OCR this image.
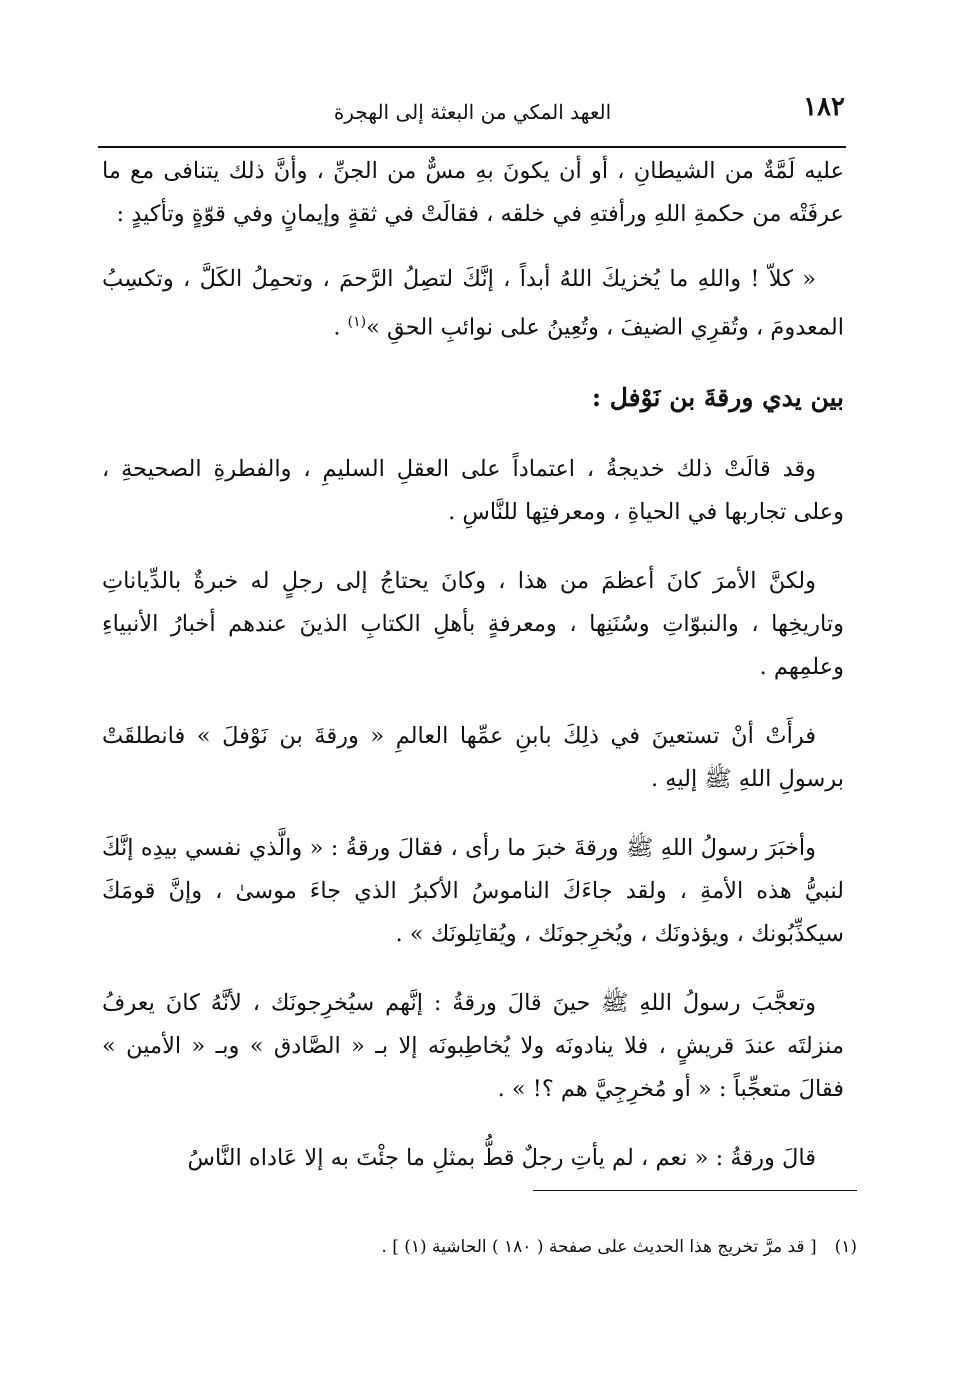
١٨٢
العهد المكي من البعثة إلى الهجرة

عليه لَمَّةٌ من الشيطانِ ، أو أن يكونَ بهِ مسٌّ من الجنِّ ، وأنَّ ذلك يتنافى مع ما عرفَتْه من حكمةِ اللهِ ورأفتهِ في خلقه ، فقالَتْ في ثقةٍ وإيمانٍ وفي قوّةٍ وتأكيدٍ :

« كلاّ ! واللهِ ما يُخزيكَ اللهُ أبداً ، إنَّكَ لتصِلُ الرَّحمَ ، وتحمِلُ الكَلَّ ، وتكسِبُ المعدومَ ، وتُقرِي الضيفَ ، وتُعِينُ على نوائبِ الحقِ »$^{(١)}$ .

بين يدي ورقةَ بن نَوْفل :

وقد قالَتْ ذلك خديجةُ ، اعتماداً على العقلِ السليمِ ، والفطرةِ الصحيحةِ ، وعلى تجاربها في الحياةِ ، ومعرفتِها للنَّاسِ .

ولكنَّ الأمرَ كانَ أعظمَ من هذا ، وكانَ يحتاجُ إلى رجلٍ له خبرةٌ بالدِّياناتِ وتاريخِها ، والنبوّاتِ وسُنَنِها ، ومعرفةٍ بأهلِ الكتابِ الذينَ عندهم أخبارُ الأنبياءِ وعلمِهم .

فرأَتْ أنْ تستعينَ في ذلِكَ بابنِ عمِّها العالمِ « ورقةَ بن نَوْفلَ » فانطلقَتْ برسولِ اللهِ ﷺ إليهِ .

وأخبَرَ رسولُ اللهِ ﷺ ورقةَ خبرَ ما رأى ، فقالَ ورقةُ : « والَّذي نفسي بيدِه إنَّكَ لنبيُّ هذه الأمةِ ، ولقد جاءَكَ الناموسُ الأكبرُ الذي جاءَ موسىٰ ، وإنَّ قومَكَ سيكذِّبُونك ، ويؤذونَك ، ويُخرِجونَك ، ويُقاتِلونَك » .

وتعجَّبَ رسولُ اللهِ ﷺ حينَ قالَ ورقةُ : إنَّهم سيُخرِجونَك ، لأنَّهُ كانَ يعرفُ منزلتَه عندَ قريشٍ ، فلا ينادونَه ولا يُخاطِبونَه إلا بـ « الصَّادق » وبـ « الأمين » فقالَ متعجِّباً : « أو مُخرِجِيَّ هم ؟! » .

قالَ ورقةُ : « نعم ، لم يأتِ رجلٌ قطُّ بمثلِ ما جئْتَ به إلا عَاداه النَّاسُ

(١)[ قد مرَّ تخريج هذا الحديث على صفحة ( ١٨٠ ) الحاشية (١) ] .
